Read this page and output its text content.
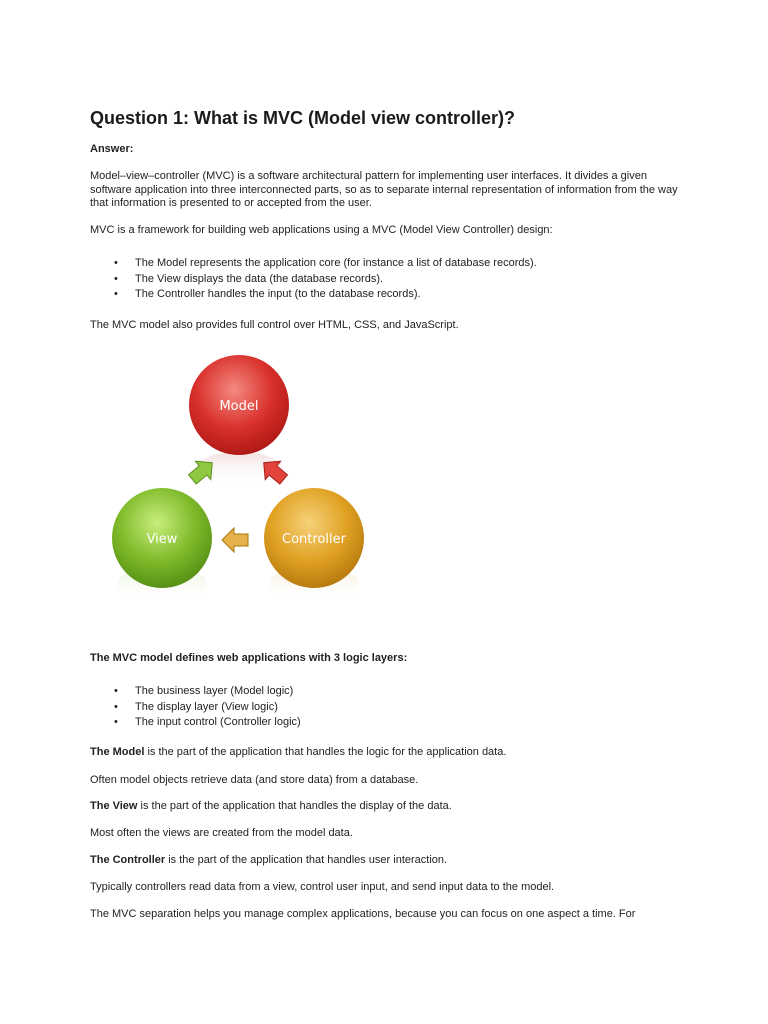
Question 1: What is MVC (Model view controller)?

Answer:

Model–view–controller (MVC) is a software architectural pattern for implementing user interfaces. It divides a given software application into three interconnected parts, so as to separate internal representation of information from the way that information is presented to or accepted from the user.

MVC is a framework for building web applications using a MVC (Model View Controller) design:

• The Model represents the application core (for instance a list of database records).
• The View displays the data (the database records).
• The Controller handles the input (to the database records).

The MVC model also provides full control over HTML, CSS, and JavaScript.

The MVC model defines web applications with 3 logic layers:

• The business layer (Model logic)
• The display layer (View logic)
• The input control (Controller logic)

The Model is the part of the application that handles the logic for the application data.

Often model objects retrieve data (and store data) from a database.

The View is the part of the application that handles the display of the data.

Most often the views are created from the model data.

The Controller is the part of the application that handles user interaction.

Typically controllers read data from a view, control user input, and send input data to the model.

The MVC separation helps you manage complex applications, because you can focus on one aspect a time. For

Model
View	Controller
